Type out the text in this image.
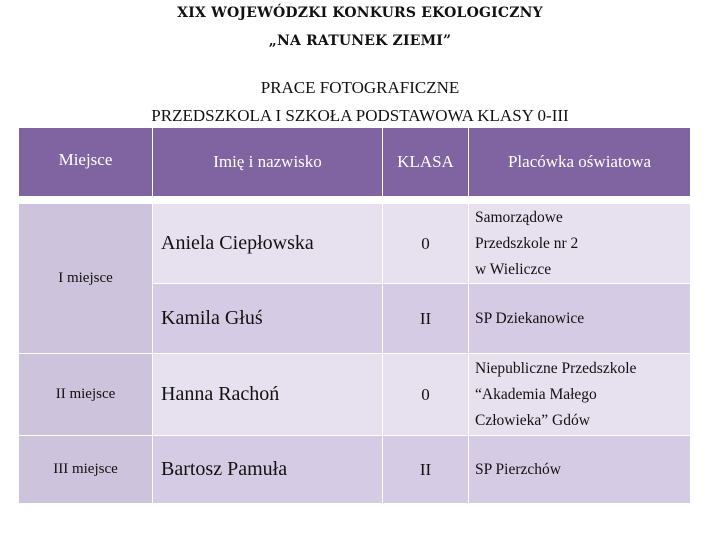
XIX WOJEWÓDZKI KONKURS EKOLOGICZNY
„NA RATUNEK ZIEMI”
PRACE FOTOGRAFICZNE
PRZEDSZKOLA I SZKOŁA PODSTAWOWA KLASY 0-III
Miejsce	Imię i nazwisko	KLASA	Placówka oświatowa

I miejsce	Aniela Ciepłowska	0	Samorządowe
Przedszkole nr 2
w Wieliczce

	Kamila Głuś	II	SP Dziekanowice

II miejsce	Hanna Rachoń	0	Niepubliczne Przedszkole
“Akademia Małego
Człowieka” Gdów

III miejsce	Bartosz Pamuła	II	SP Pierzchów
